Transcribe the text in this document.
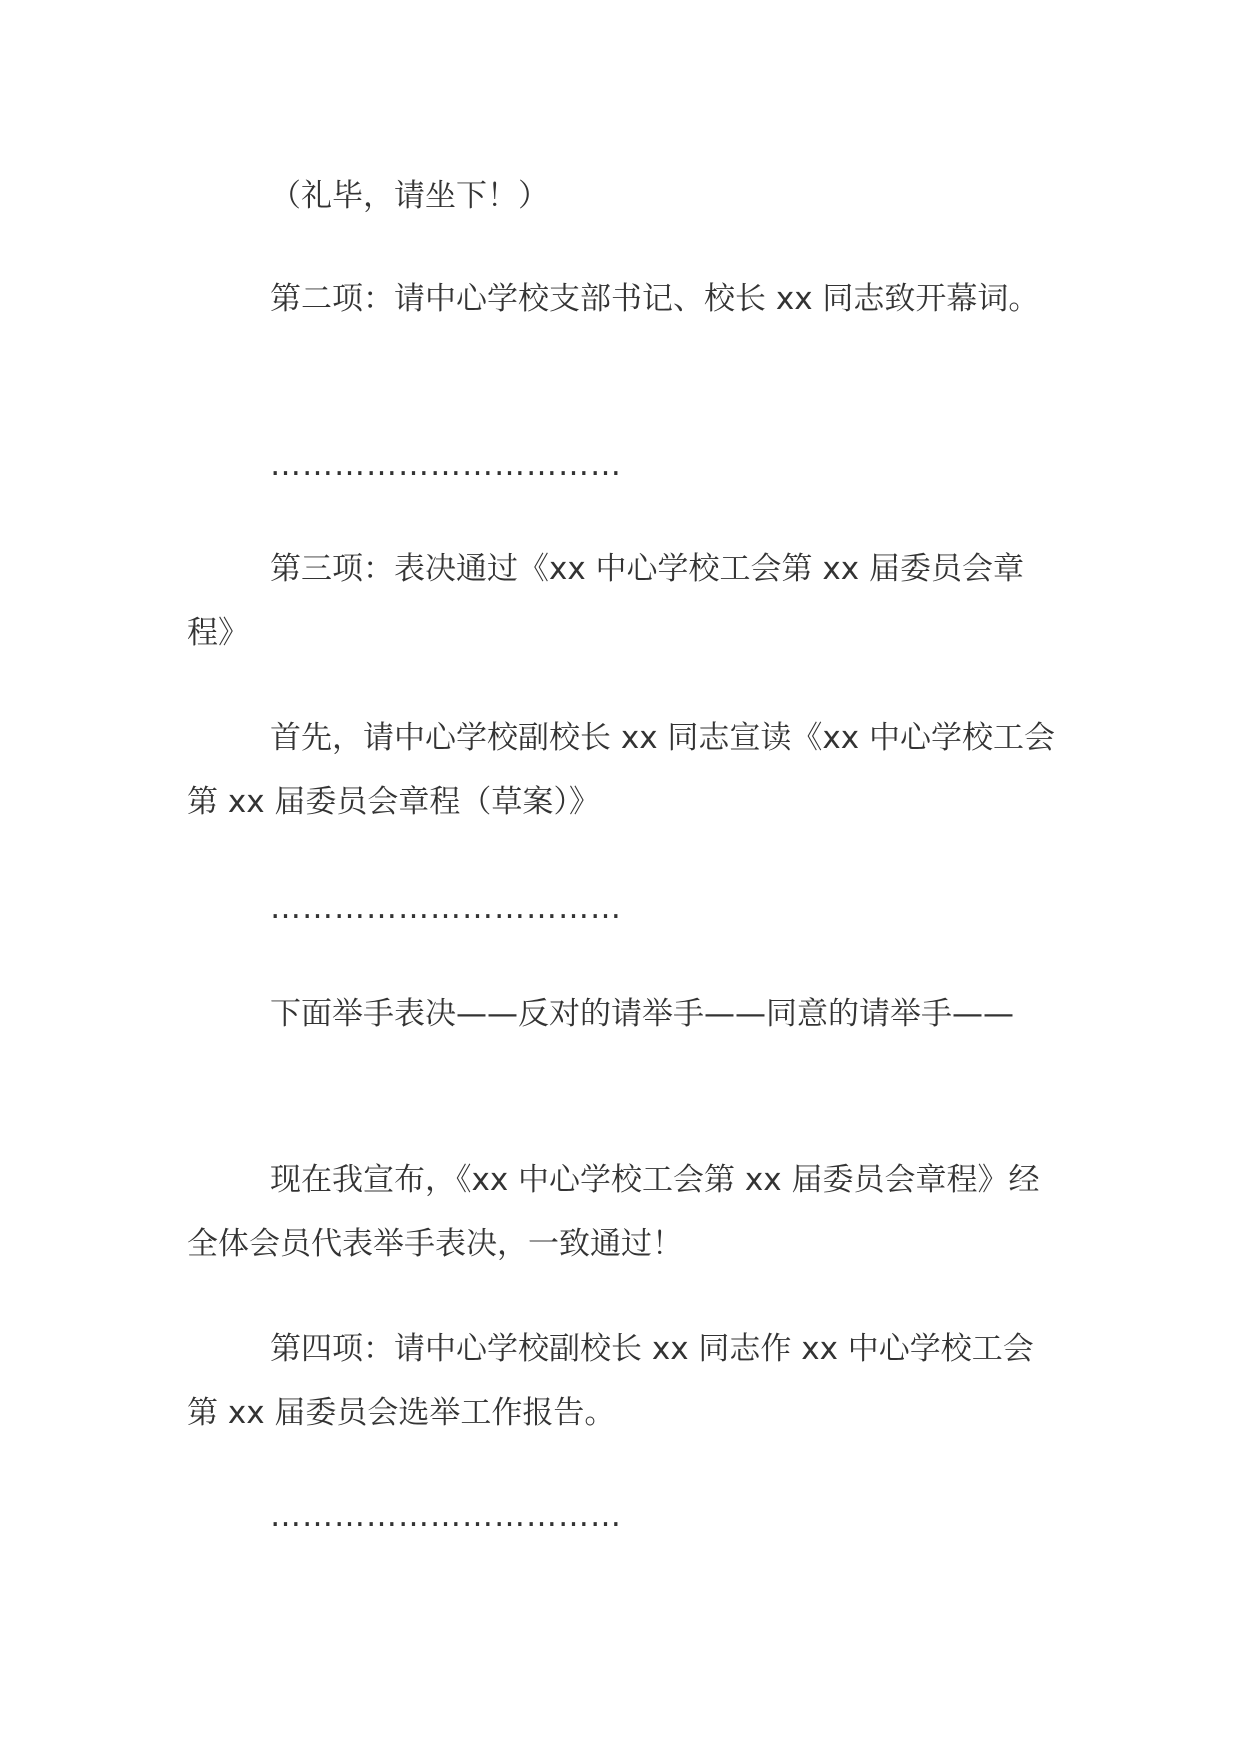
（礼毕，请坐下！）

第二项：请中心学校支部书记、校长 xx 同志致开幕词。

……………………………

第三项：表决通过《xx 中心学校工会第 xx 届委员会章程》

首先，请中心学校副校长 xx 同志宣读《xx 中心学校工会第 xx 届委员会章程（草案）》

……………………………

下面举手表决——反对的请举手——同意的请举手——

现在我宣布，《xx 中心学校工会第 xx 届委员会章程》经全体会员代表举手表决，一致通过！

第四项：请中心学校副校长 xx 同志作 xx 中心学校工会第 xx 届委员会选举工作报告。

……………………………
